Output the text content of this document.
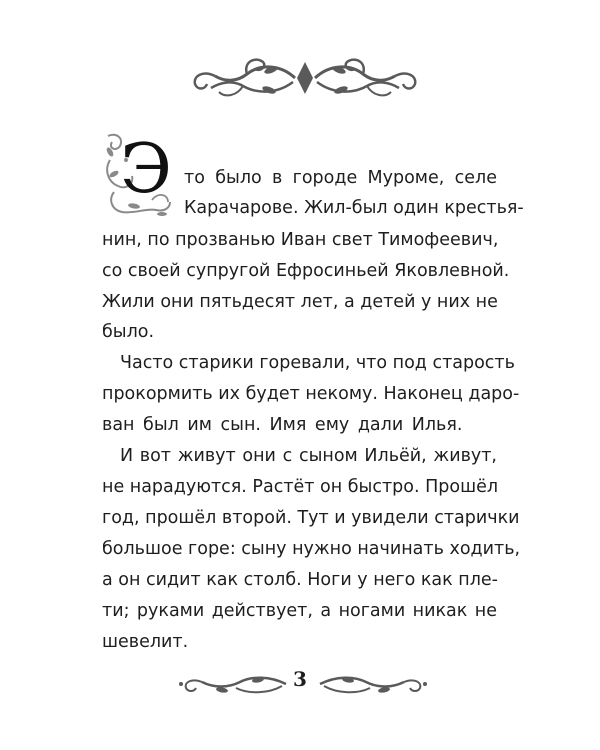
Э то было в городе Муроме, селе
Карачарове. Жил-был один крестья-
нин, по прозванью Иван свет Тимофеевич,
со своей супругой Ефросиньей Яковлевной.
Жили они пятьдесят лет, а детей у них не
было.
Часто старики горевали, что под старость
прокормить их будет некому. Наконец даро-
ван был им сын. Имя ему дали Илья.
И вот живут они с сыном Ильёй, живут,
не нарадуются. Растёт он быстро. Прошёл
год, прошёл второй. Тут и увидели старички
большое горе: сыну нужно начинать ходить,
а он сидит как столб. Ноги у него как пле-
ти; руками действует, а ногами никак не
шевелит.
3
